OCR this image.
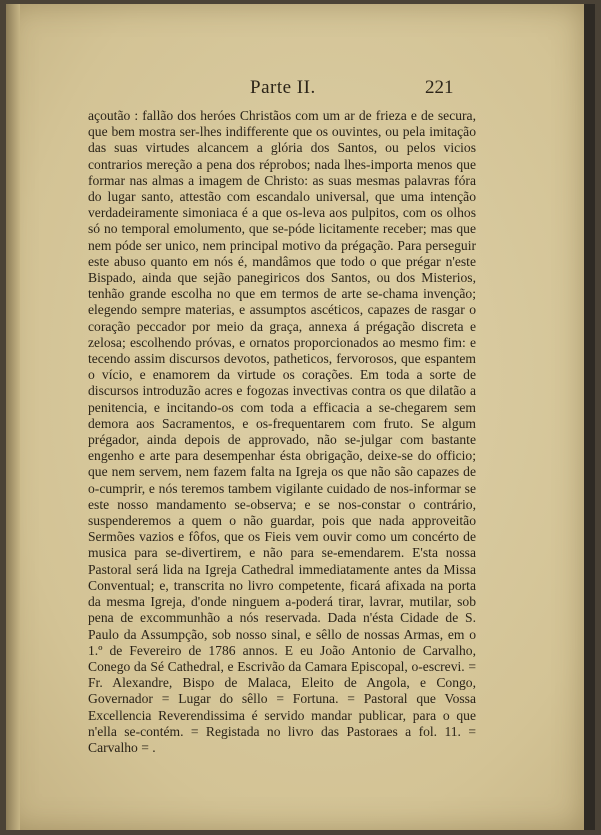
Parte II.	221

açoutão : fallão dos heróes Christãos com um ar de frieza e de secura, que bem mostra ser-lhes indifferente que os ouvintes, ou pela imitação das suas virtudes alcancem a glória dos Santos, ou pelos vicios contrarios mereção a pena dos réprobos; nada lhes-importa menos que formar nas almas a imagem de Christo: as suas mesmas palavras fóra do lugar santo, attestão com escandalo universal, que uma intenção verdadeiramente simoniaca é a que os-leva aos pulpitos, com os olhos só no temporal emolumento, que se-póde licitamente receber; mas que nem póde ser unico, nem principal motivo da prégação. Para perseguir este abuso quanto em nós é, mandâmos que todo o que prégar n'este Bispado, ainda que sejão panegiricos dos Santos, ou dos Misterios, tenhão grande escolha no que em termos de arte se-chama invenção; elegendo sempre materias, e assumptos ascéticos, capazes de rasgar o coração peccador por meio da graça, annexa á prégação discreta e zelosa; escolhendo próvas, e ornatos proporcionados ao mesmo fim: e tecendo assim discursos devotos, patheticos, fervorosos, que espantem o vício, e enamorem da virtude os corações. Em toda a sorte de discursos introduzão acres e fogozas invectivas contra os que dilatão a penitencia, e incitando-os com toda a efficacia a se-chegarem sem demora aos Sacramentos, e os-frequentarem com fruto. Se algum prégador, ainda depois de approvado, não se-julgar com bastante engenho e arte para desempenhar ésta obrigação, deixe-se do officio; que nem servem, nem fazem falta na Igreja os que não são capazes de o-cumprir, e nós teremos tambem vigilante cuidado de nos-informar se este nosso mandamento se-observa; e se nos-constar o contrário, suspenderemos a quem o não guardar, pois que nada approveitão Sermões vazios e fôfos, que os Fieis vem ouvir como um concérto de musica para se-divertirem, e não para se-emendarem. E'sta nossa Pastoral será lida na Igreja Cathedral immediatamente antes da Missa Conventual; e, transcrita no livro competente, ficará afixada na porta da mesma Igreja, d'onde ninguem a-poderá tirar, lavrar, mutilar, sob pena de excommunhão a nós reservada. Dada n'ésta Cidade de S. Paulo da Assumpção, sob nosso sinal, e sêllo de nossas Armas, em o 1.º de Fevereiro de 1786 annos. E eu João Antonio de Carvalho, Conego da Sé Cathedral, e Escrivão da Camara Episcopal, o-escrevi. = Fr. Alexandre, Bispo de Malaca, Eleito de Angola, e Congo, Governador = Lugar do sêllo = Fortuna. = Pastoral que Vossa Excellencia Reverendissima é servido mandar publicar, para o que n'ella se-contém. = Registada no livro das Pastoraes a fol. 11. = Carvalho = .
